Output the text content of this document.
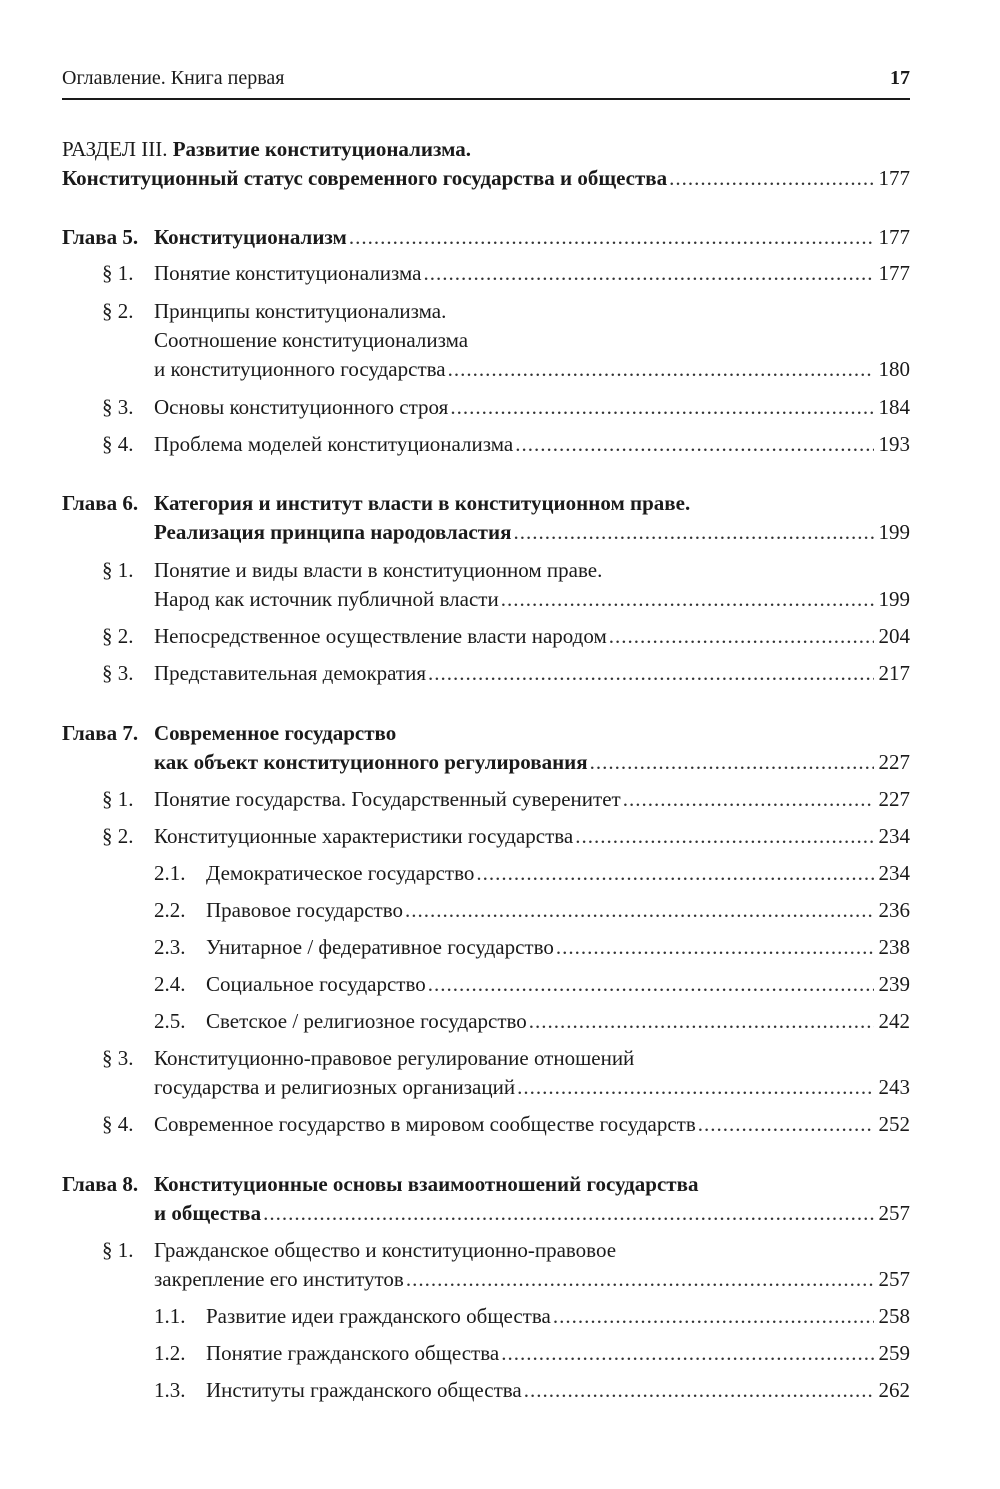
Оглавление. Книга первая	17
РАЗДЕЛ III. Развитие конституционализма.
Конституционный статус современного государства и общества .....	177
Глава 5. Конституционализм .....	177
§ 1. Понятие конституционализма .....	177
§ 2. Принципы конституционализма.
Соотношение конституционализма
и конституционного государства .....	180
§ 3. Основы конституционного строя .....	184
§ 4. Проблема моделей конституционализма .....	193
Глава 6. Категория и институт власти в конституционном праве.
Реализация принципа народовластия .....	199
§ 1. Понятие и виды власти в конституционном праве.
Народ как источник публичной власти .....	199
§ 2. Непосредственное осуществление власти народом .....	204
§ 3. Представительная демократия .....	217
Глава 7. Современное государство
как объект конституционного регулирования .....	227
§ 1. Понятие государства. Государственный суверенитет .....	227
§ 2. Конституционные характеристики государства .....	234
2.1. Демократическое государство .....	234
2.2. Правовое государство .....	236
2.3. Унитарное / федеративное государство .....	238
2.4. Социальное государство .....	239
2.5. Светское / религиозное государство .....	242
§ 3. Конституционно-правовое регулирование отношений
государства и религиозных организаций .....	243
§ 4. Современное государство в мировом сообществе государств .....	252
Глава 8. Конституционные основы взаимоотношений государства
и общества .....	257
§ 1. Гражданское общество и конституционно-правовое
закрепление его институтов .....	257
1.1. Развитие идеи гражданского общества .....	258
1.2. Понятие гражданского общества .....	259
1.3. Институты гражданского общества .....	262
